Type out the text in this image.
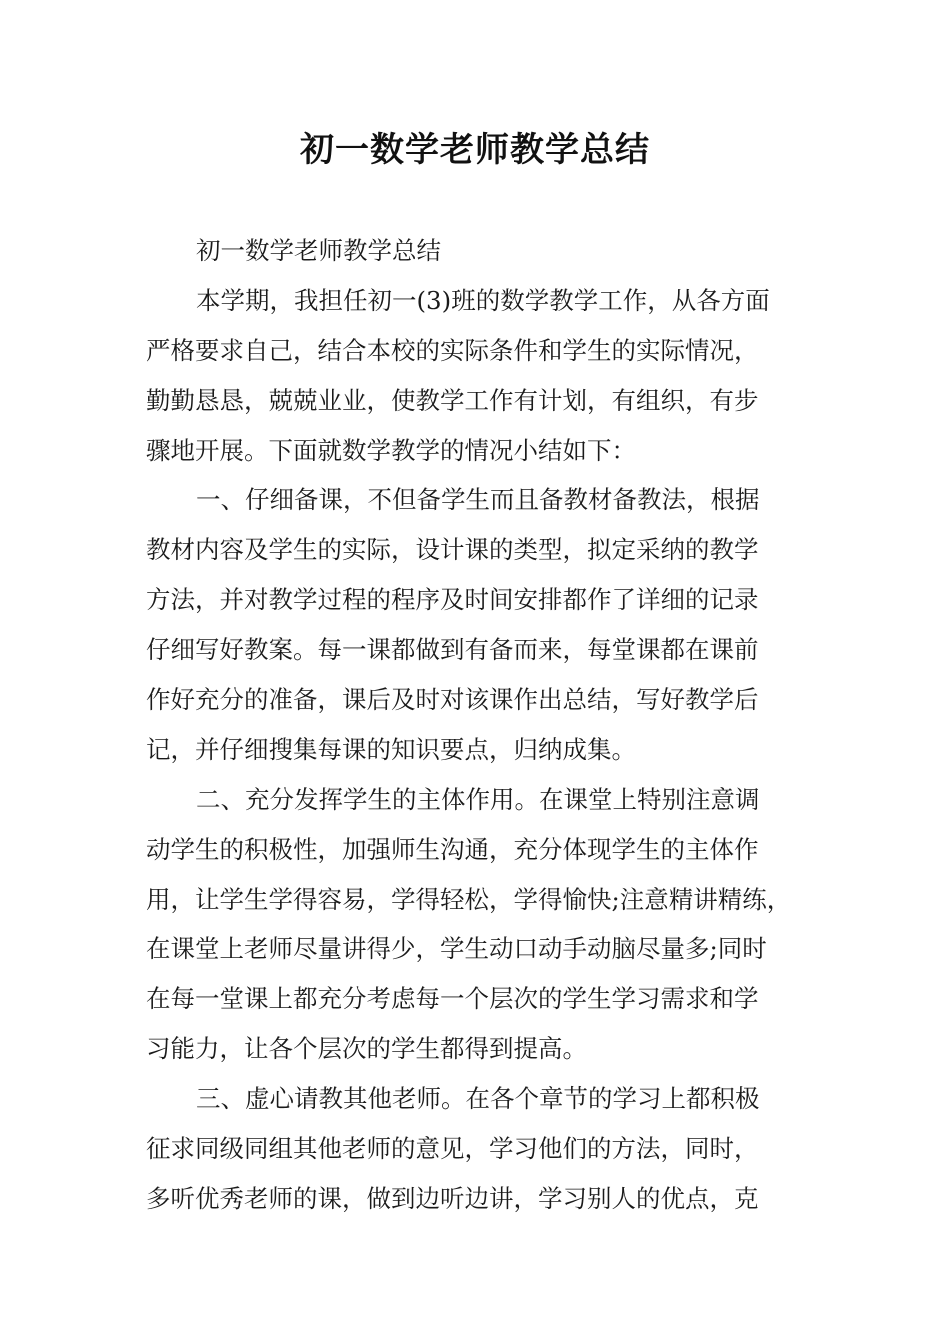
初一数学老师教学总结
初一数学老师教学总结
本学期，我担任初一(3)班的数学教学工作，从各方面
严格要求自己，结合本校的实际条件和学生的实际情况，
勤勤恳恳，兢兢业业，使教学工作有计划，有组织，有步
骤地开展。下面就数学教学的情况小结如下：
一、仔细备课，不但备学生而且备教材备教法，根据
教材内容及学生的实际，设计课的类型，拟定采纳的教学
方法，并对教学过程的程序及时间安排都作了详细的记录
仔细写好教案。每一课都做到有备而来，每堂课都在课前
作好充分的准备，课后及时对该课作出总结，写好教学后
记，并仔细搜集每课的知识要点，归纳成集。
二、充分发挥学生的主体作用。在课堂上特别注意调
动学生的积极性，加强师生沟通，充分体现学生的主体作
用，让学生学得容易，学得轻松，学得愉快;注意精讲精练，
在课堂上老师尽量讲得少，学生动口动手动脑尽量多;同时
在每一堂课上都充分考虑每一个层次的学生学习需求和学
习能力，让各个层次的学生都得到提高。
三、虚心请教其他老师。在各个章节的学习上都积极
征求同级同组其他老师的意见，学习他们的方法，同时，
多听优秀老师的课，做到边听边讲，学习别人的优点，克
